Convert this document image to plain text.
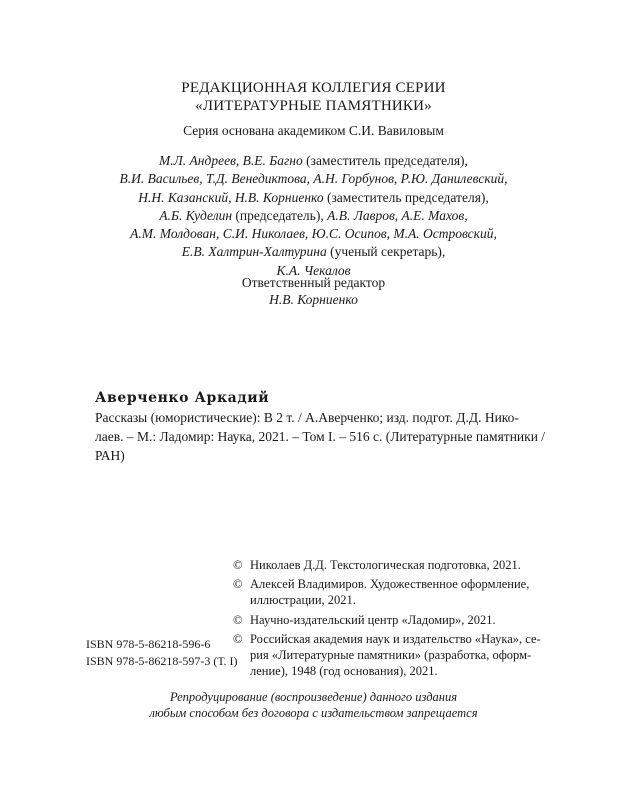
РЕДАКЦИОННАЯ КОЛЛЕГИЯ СЕРИИ
«ЛИТЕРАТУРНЫЕ ПАМЯТНИКИ»
Серия основана академиком С.И. Вавиловым
М.Л. Андреев, В.Е. Багно (заместитель председателя),
В.И. Васильев, Т.Д. Венедиктова, А.Н. Горбунов, Р.Ю. Данилевский,
Н.Н. Казанский, Н.В. Корниенко (заместитель председателя),
А.Б. Куделин (председатель), А.В. Лавров, А.Е. Махов,
А.М. Молдован, С.И. Николаев, Ю.С. Осипов, М.А. Островский,
Е.В. Халтрин-Халтурина (ученый секретарь),
К.А. Чекалов
Ответственный редактор
Н.В. Корниенко
Аверченко Аркадий
Рассказы (юмористические): В 2 т. / А.Аверченко; изд. подгот. Д.Д. Нико-
лаев. – М.: Ладомир: Наука, 2021. – Том I. – 516 с. (Литературные памятники /
РАН)
© Николаев Д.Д. Текстологическая подготовка, 2021.
© Алексей Владимиров. Художественное оформление,
иллюстрации, 2021.
© Научно-издательский центр «Ладомир», 2021.
© Российская академия наук и издательство «Наука», се-
рия «Литературные памятники» (разработка, оформ-
ление), 1948 (год основания), 2021.
ISBN 978-5-86218-596-6
ISBN 978-5-86218-597-3 (Т. I)
Репродуцирование (воспроизведение) данного издания
любым способом без договора с издательством запрещается
